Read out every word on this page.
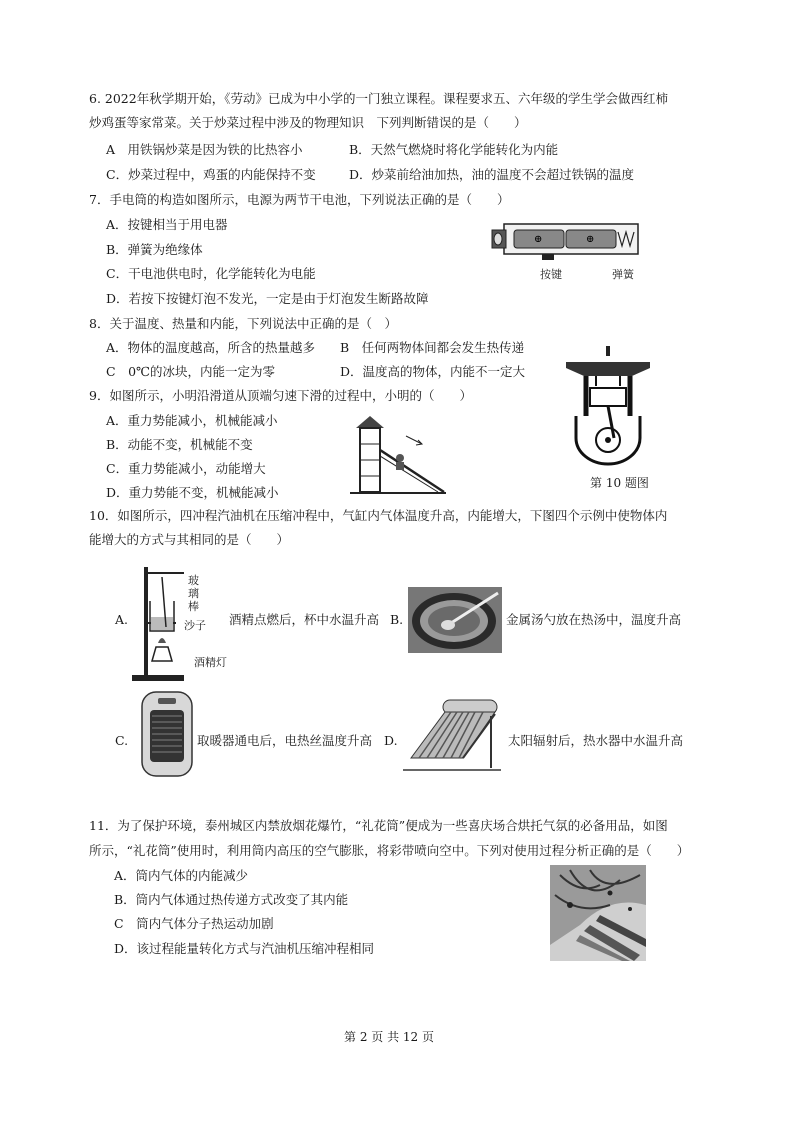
6. 2022年秋学期开始，《劳动》已成为中小学的一门独立课程。课程要求五、六年级的学生学会做西红柿
炒鸡蛋等家常菜。关于炒菜过程中涉及的物理知识　下列判断错误的是（　　）
A　用铁锅炒菜是因为铁的比热容小	B．天然气燃烧时将化学能转化为内能
C．炒菜过程中，鸡蛋的内能保持不变	D．炒菜前给油加热，油的温度不会超过铁锅的温度
7．手电筒的构造如图所示，电源为两节干电池，下列说法正确的是（　　）
A．按键相当于用电器
B．弹簧为绝缘体
C．干电池供电时，化学能转化为电能
D．若按下按键灯泡不发光，一定是由于灯泡发生断路故障
⊕	⊕
按键	弹簧
8．关于温度、热量和内能，下列说法中正确的是（　）
A．物体的温度越高，所含的热量越多 B　任何两物体间都会发生热传递
C　0℃的冰块，内能一定为零	D．温度高的物体，内能不一定大
第 10 题图
9．如图所示，小明沿滑道从顶端匀速下滑的过程中，小明的（　　）
A．重力势能减小，机械能减小
B．动能不变，机械能不变
C．重力势能减小，动能增大
D．重力势能不变，机械能减小
10．如图所示，四冲程汽油机在压缩冲程中，气缸内气体温度升高，内能增大，下图四个示例中使物体内
能增大的方式与其相同的是（　　）
A.
玻
璃
棒
沙子
酒精灯
酒精点燃后，杯中水温升高 B.	金属汤勺放在热汤中，温度升高
C.	取暖器通电后，电热丝温度升高 D.	太阳辐射后，热水器中水温升高
11．为了保护环境，泰州城区内禁放烟花爆竹，“礼花筒”便成为一些喜庆场合烘托气氛的必备用品，如图
所示，“礼花筒”使用时，利用筒内高压的空气膨胀，将彩带喷向空中。下列对使用过程分析正确的是（　　）
A．筒内气体的内能减少
B．筒内气体通过热传递方式改变了其内能
C　筒内气体分子热运动加剧
D．该过程能量转化方式与汽油机压缩冲程相同
第 2 页 共 12 页
